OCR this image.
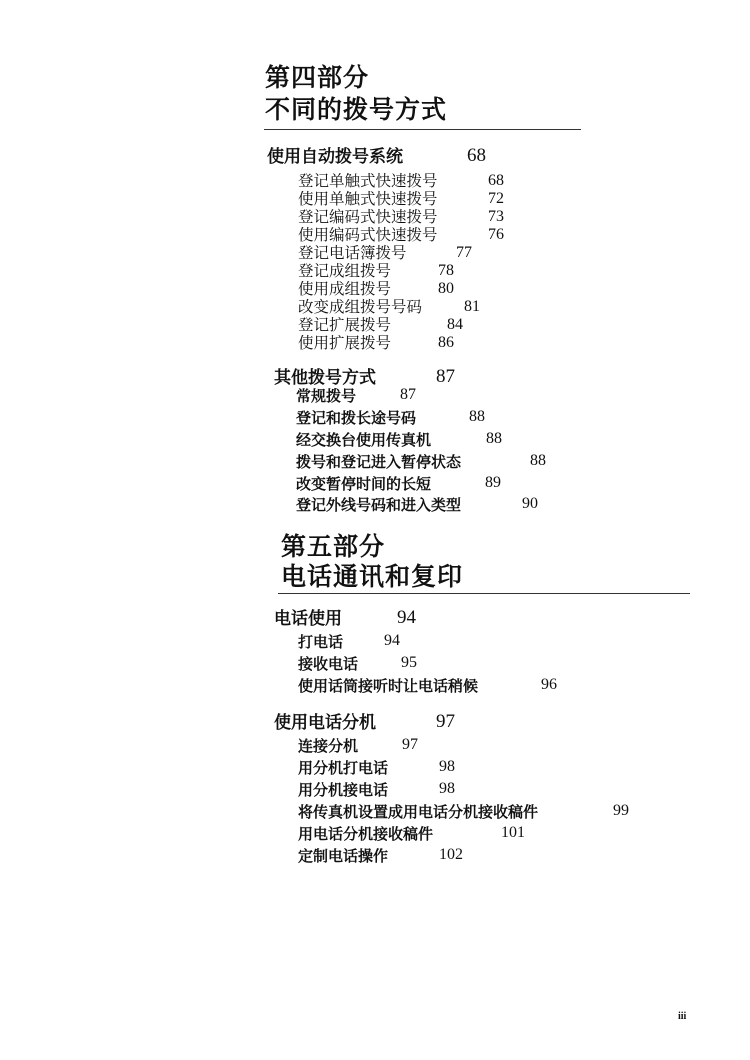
第四部分
不同的拨号方式
使用自动拨号系统	68
登记单触式快速拨号	68
使用单触式快速拨号	72
登记编码式快速拨号	73
使用编码式快速拨号	76
登记电话簿拨号	77
登记成组拨号	78
使用成组拨号	80
改变成组拨号号码	81
登记扩展拨号	84
使用扩展拨号	86
其他拨号方式	87
常规拨号	87
登记和拨长途号码	88
经交换台使用传真机	88
拨号和登记进入暂停状态	88
改变暂停时间的长短	89
登记外线号码和进入类型	90
第五部分
电话通讯和复印
电话使用	94
打电话	94
接收电话	95
使用话筒接听时让电话稍候	96
使用电话分机	97
连接分机	97
用分机打电话	98
用分机接电话	98
将传真机设置成用电话分机接收稿件	99
用电话分机接收稿件	101
定制电话操作	102
iii
